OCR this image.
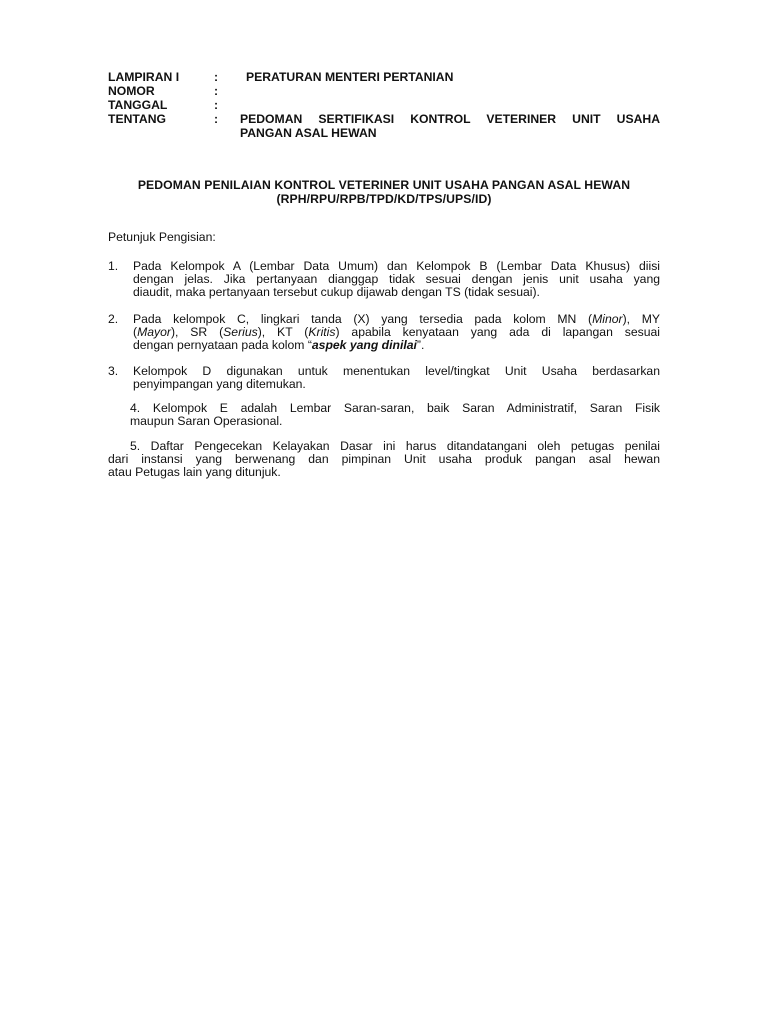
LAMPIRAN I	:	PERATURAN MENTERI PERTANIAN
NOMOR	:
TANGGAL	:
TENTANG	:	PEDOMAN SERTIFIKASI KONTROL VETERINER UNIT USAHA
PANGAN ASAL HEWAN
PEDOMAN PENILAIAN KONTROL VETERINER UNIT USAHA PANGAN ASAL HEWAN
(RPH/RPU/RPB/TPD/KD/TPS/UPS/ID)
Petunjuk Pengisian:
1.	Pada Kelompok A (Lembar Data Umum) dan Kelompok B (Lembar Data Khusus) diisi
dengan jelas. Jika pertanyaan dianggap tidak sesuai dengan jenis unit usaha yang
diaudit, maka pertanyaan tersebut cukup dijawab dengan TS (tidak sesuai).
2.	Pada kelompok C, lingkari tanda (X) yang tersedia pada kolom MN (Minor), MY
(Mayor), SR (Serius), KT (Kritis) apabila kenyataan yang ada di lapangan sesuai
dengan pernyataan pada kolom “aspek yang dinilai”.
3.	Kelompok D digunakan untuk menentukan level/tingkat Unit Usaha berdasarkan
penyimpangan yang ditemukan.
4. Kelompok E adalah Lembar Saran-saran, baik Saran Administratif, Saran Fisik
maupun Saran Operasional.
5. Daftar Pengecekan Kelayakan Dasar ini harus ditandatangani oleh petugas penilai
dari instansi yang berwenang dan pimpinan Unit usaha produk pangan asal hewan
atau Petugas lain yang ditunjuk.
